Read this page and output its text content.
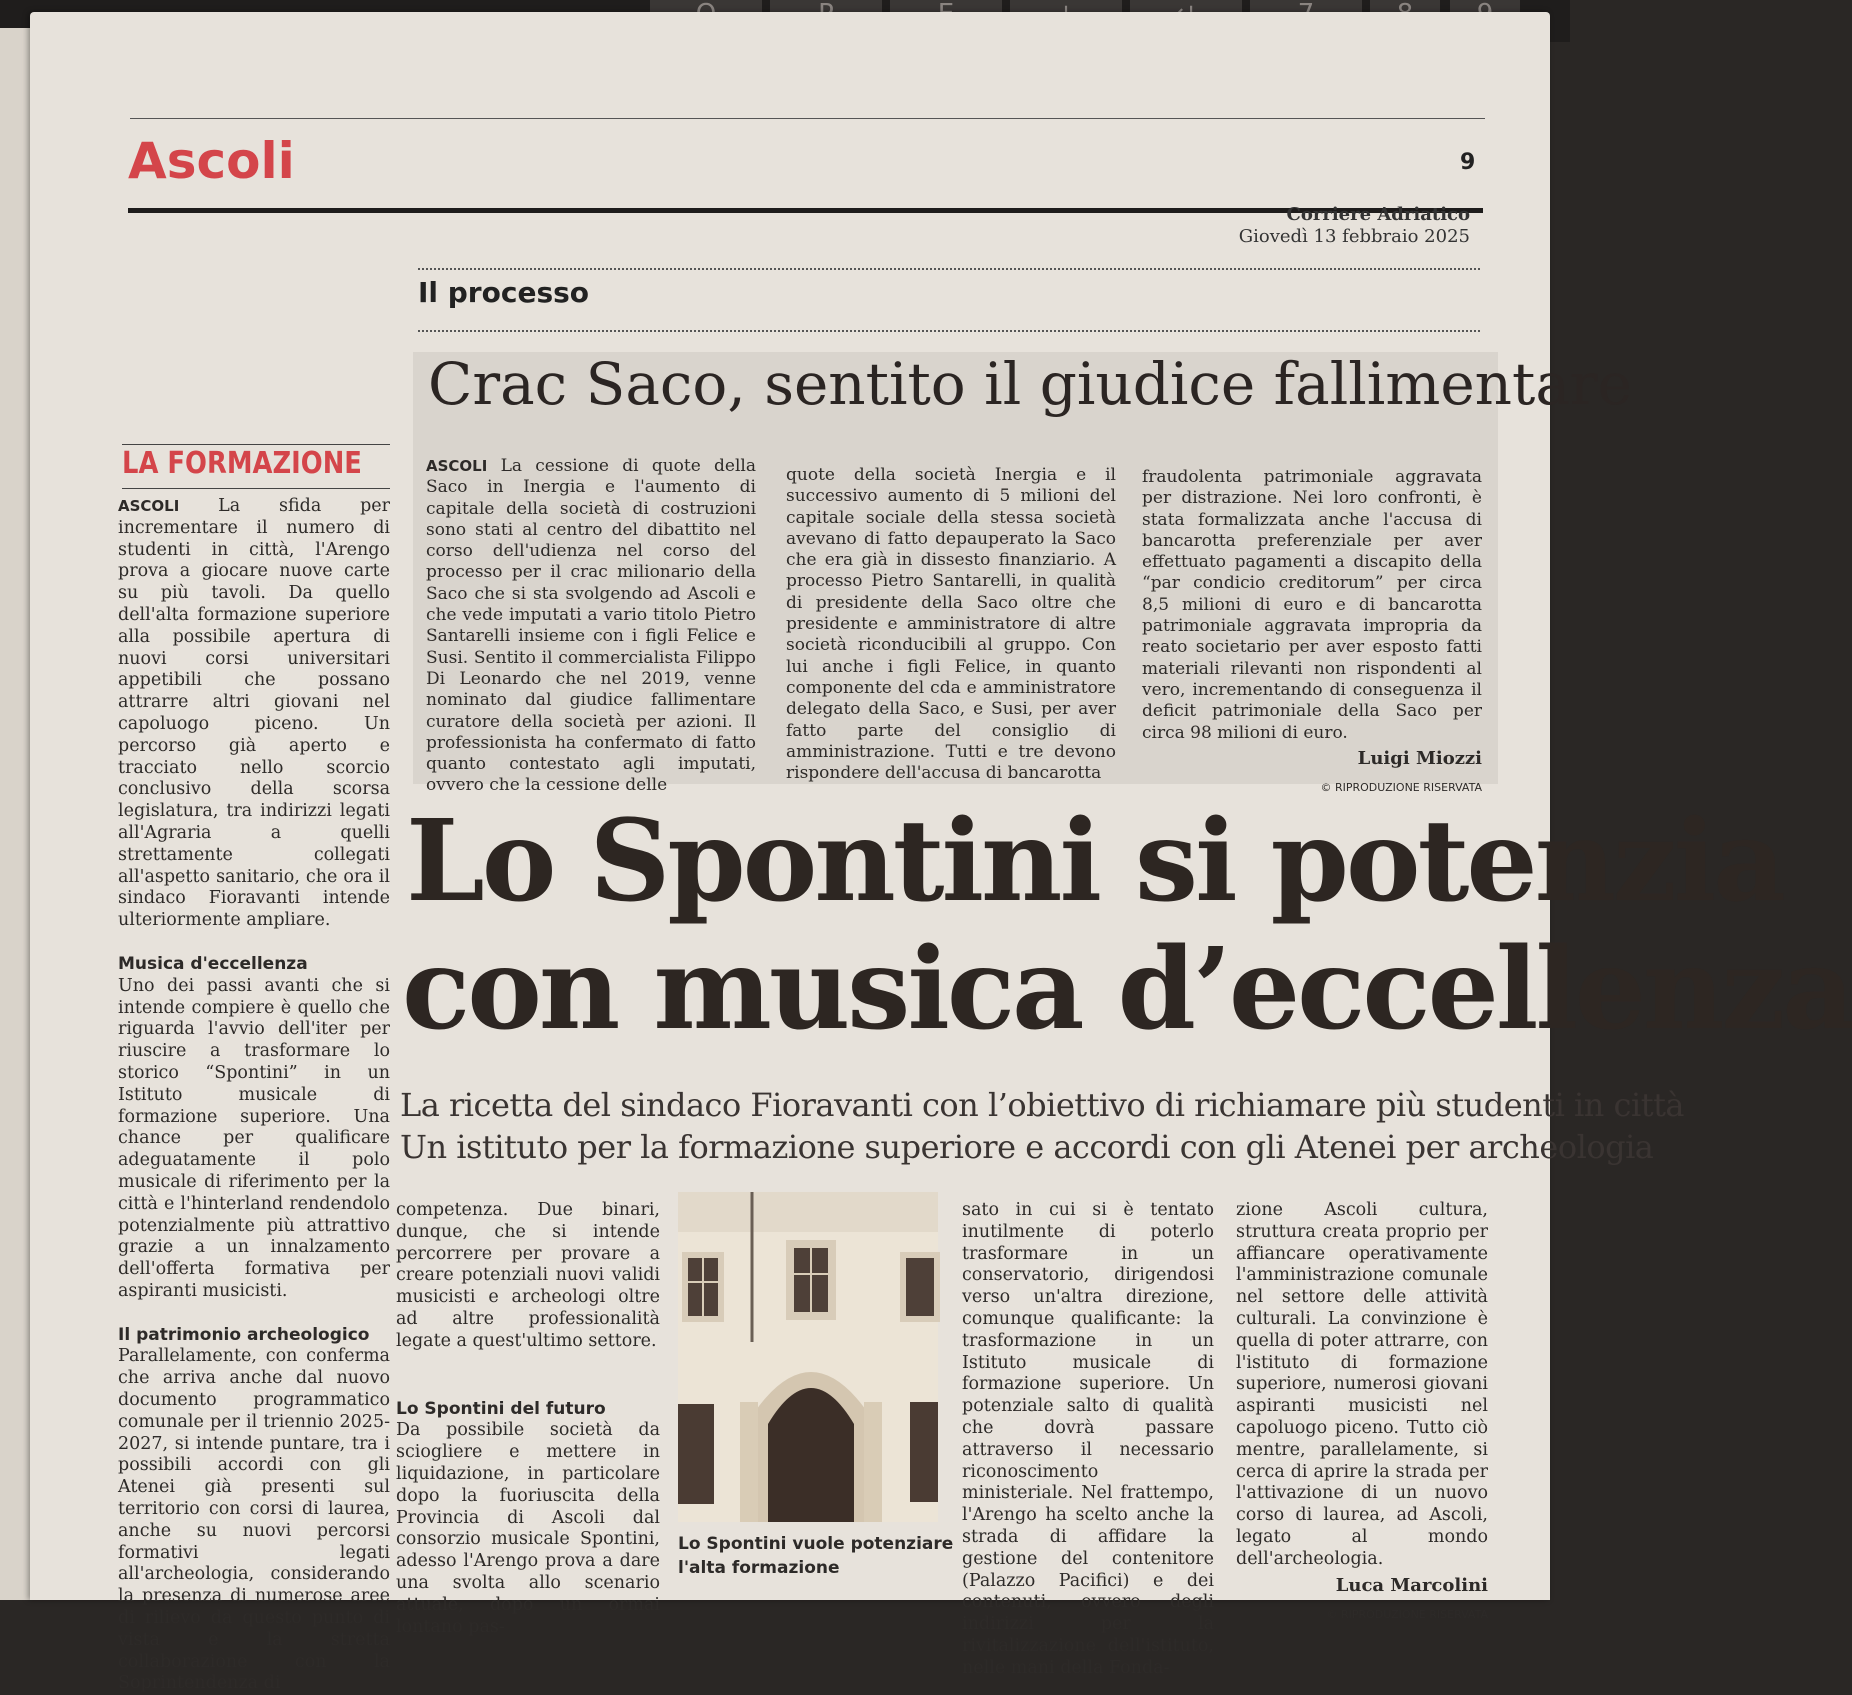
Ascoli	9
Corriere Adriatico
Giovedì 13 febbraio 2025
Il processo
Crac Saco, sentito il giudice fallimentare
ASCOLI La cessione di quote della Saco in Inergia e l'aumento di capitale della società di costruzioni sono stati al centro del dibattito nel corso dell'udienza nel corso del processo per il crac milionario della Saco che si sta svolgendo ad Ascoli e che vede imputati a vario titolo Pietro Santarelli insieme con i figli Felice e Susi. Sentito il commercialista Filippo Di Leonardo che nel 2019, venne nominato dal giudice fallimentare curatore della società per azioni. Il professionista ha confermato di fatto quanto contestato agli imputati, ovvero che la cessione delle
quote della società Inergia e il successivo aumento di 5 milioni del capitale sociale della stessa società avevano di fatto depauperato la Saco che era già in dissesto finanziario. A processo Pietro Santarelli, in qualità di presidente della Saco oltre che presidente e amministratore di altre società riconducibili al gruppo. Con lui anche i figli Felice, in quanto componente del cda e amministratore delegato della Saco, e Susi, per aver fatto parte del consiglio di amministrazione. Tutti e tre devono rispondere dell'accusa di bancarotta
fraudolenta patrimoniale aggravata per distrazione. Nei loro confronti, è stata formalizzata anche l'accusa di bancarotta preferenziale per aver effettuato pagamenti a discapito della “par condicio creditorum” per circa 8,5 milioni di euro e di bancarotta patrimoniale aggravata impropria da reato societario per aver esposto fatti materiali rilevanti non rispondenti al vero, incrementando di conseguenza il deficit patrimoniale della Saco per circa 98 milioni di euro.
Luigi Miozzi
© RIPRODUZIONE RISERVATA
LA FORMAZIONE
ASCOLI La sfida per incrementare il numero di studenti in città, l'Arengo prova a giocare nuove carte su più tavoli. Da quello dell'alta formazione superiore alla possibile apertura di nuovi corsi universitari appetibili che possano attrarre altri giovani nel capoluogo piceno. Un percorso già aperto e tracciato nello scorcio conclusivo della scorsa legislatura, tra indirizzi legati all'Agraria a quelli strettamente collegati all'aspetto sanitario, che ora il sindaco Fioravanti intende ulteriormente ampliare.
Musica d'eccellenza
Uno dei passi avanti che si intende compiere è quello che riguarda l'avvio dell'iter per riuscire a trasformare lo storico “Spontini” in un Istituto musicale di formazione superiore. Una chance per qualificare adeguatamente il polo musicale di riferimento per la città e l'hinterland rendendolo potenzialmente più attrattivo grazie a un innalzamento dell'offerta formativa per aspiranti musicisti.
Il patrimonio archeologico
Parallelamente, con conferma che arriva anche dal nuovo documento programmatico comunale per il triennio 2025-2027, si intende puntare, tra i possibili accordi con gli Atenei già presenti sul territorio con corsi di laurea, anche su nuovi percorsi formativi legati all'archeologia, considerando la presenza di numerose aree di rilievo da questo punto di vista e la stretta collaborazione con la Soprintendenza di
Lo Spontini si potenzia
con musica d’eccellenza
La ricetta del sindaco Fioravanti con l’obiettivo di richiamare più studenti in città
Un istituto per la formazione superiore e accordi con gli Atenei per archeologia
competenza. Due binari, dunque, che si intende percorrere per provare a creare potenziali nuovi validi musicisti e archeologi oltre ad altre professionalità legate a quest'ultimo settore.
Lo Spontini del futuro
Da possibile società da sciogliere e mettere in liquidazione, in particolare dopo la fuoriuscita della Provincia di Ascoli dal consorzio musicale Spontini, adesso l'Arengo prova a dare una svolta allo scenario attuale, dopo un ormai lontano pas-
Lo Spontini vuole potenziare
l'alta formazione
sato in cui si è tentato inutilmente di poterlo trasformare in un conservatorio, dirigendosi verso un'altra direzione, comunque qualificante: la trasformazione in un Istituto musicale di formazione superiore. Un potenziale salto di qualità che dovrà passare attraverso il necessario riconoscimento ministeriale. Nel frattempo, l'Arengo ha scelto anche la strada di affidare la gestione del contenitore (Palazzo Pacifici) e dei contenuti, ovvero degli indirizzi per la rivitalizzazione dell'istituto, nelle mani della Fonda-
zione Ascoli cultura, struttura creata proprio per affiancare operativamente l'amministrazione comunale nel settore delle attività culturali. La convinzione è quella di poter attrarre, con l'istituto di formazione superiore, numerosi giovani aspiranti musicisti nel capoluogo piceno. Tutto ciò mentre, parallelamente, si cerca di aprire la strada per l'attivazione di un nuovo corso di laurea, ad Ascoli, legato al mondo dell'archeologia.
Luca Marcolini
© RIPRODUZIONE RISERVATA
